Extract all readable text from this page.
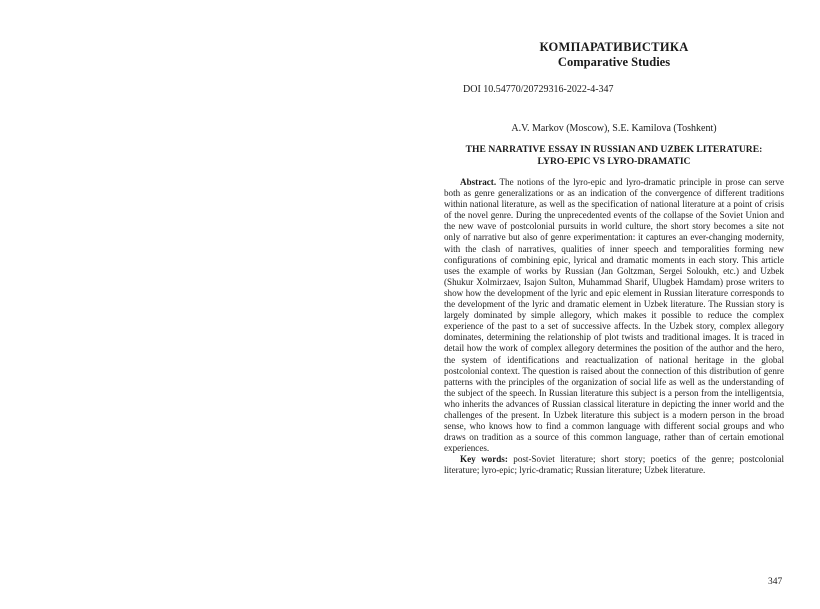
КОМПАРАТИВИСТИКА
Comparative Studies
DOI 10.54770/20729316-2022-4-347
A.V. Markov (Moscow), S.E. Kamilova (Toshkent)
THE NARRATIVE ESSAY IN RUSSIAN AND UZBEK LITERATURE:
LYRO-EPIC VS LYRO-DRAMATIC

Abstract. The notions of the lyro-epic and lyro-dramatic principle in prose can serve both as genre generalizations or as an indication of the convergence of different traditions within national literature, as well as the specification of national literature at a point of crisis of the novel genre. During the unprecedented events of the collapse of the Soviet Union and the new wave of postcolonial pursuits in world culture, the short story becomes a site not only of narrative but also of genre experimentation: it captures an ever-changing modernity, with the clash of narratives, qualities of inner speech and temporalities forming new configurations of combining epic, lyrical and dramatic moments in each story. This article uses the example of works by Russian (Jan Goltzman, Sergei Soloukh, etc.) and Uzbek (Shukur Xolmirzaev, Isajon Sulton, Muhammad Sharif, Ulugbek Hamdam) prose writers to show how the development of the lyric and epic element in Russian literature corresponds to the development of the lyric and dramatic element in Uzbek literature. The Russian story is largely dominated by simple allegory, which makes it possible to reduce the complex experience of the past to a set of successive affects. In the Uzbek story, complex allegory dominates, determining the relationship of plot twists and traditional images. It is traced in detail how the work of complex allegory determines the position of the author and the hero, the system of identifications and reactualization of national heritage in the global postcolonial context. The question is raised about the connection of this distribution of genre patterns with the principles of the organization of social life as well as the understanding of the subject of the speech. In Russian literature this subject is a person from the intelligentsia, who inherits the advances of Russian classical literature in depicting the inner world and the challenges of the present. In Uzbek literature this subject is a modern person in the broad sense, who knows how to find a common language with different social groups and who draws on tradition as a source of this common language, rather than of certain emotional experiences.

Key words: post-Soviet literature; short story; poetics of the genre; postcolonial literature; lyro-epic; lyric-dramatic; Russian literature; Uzbek literature.

347
